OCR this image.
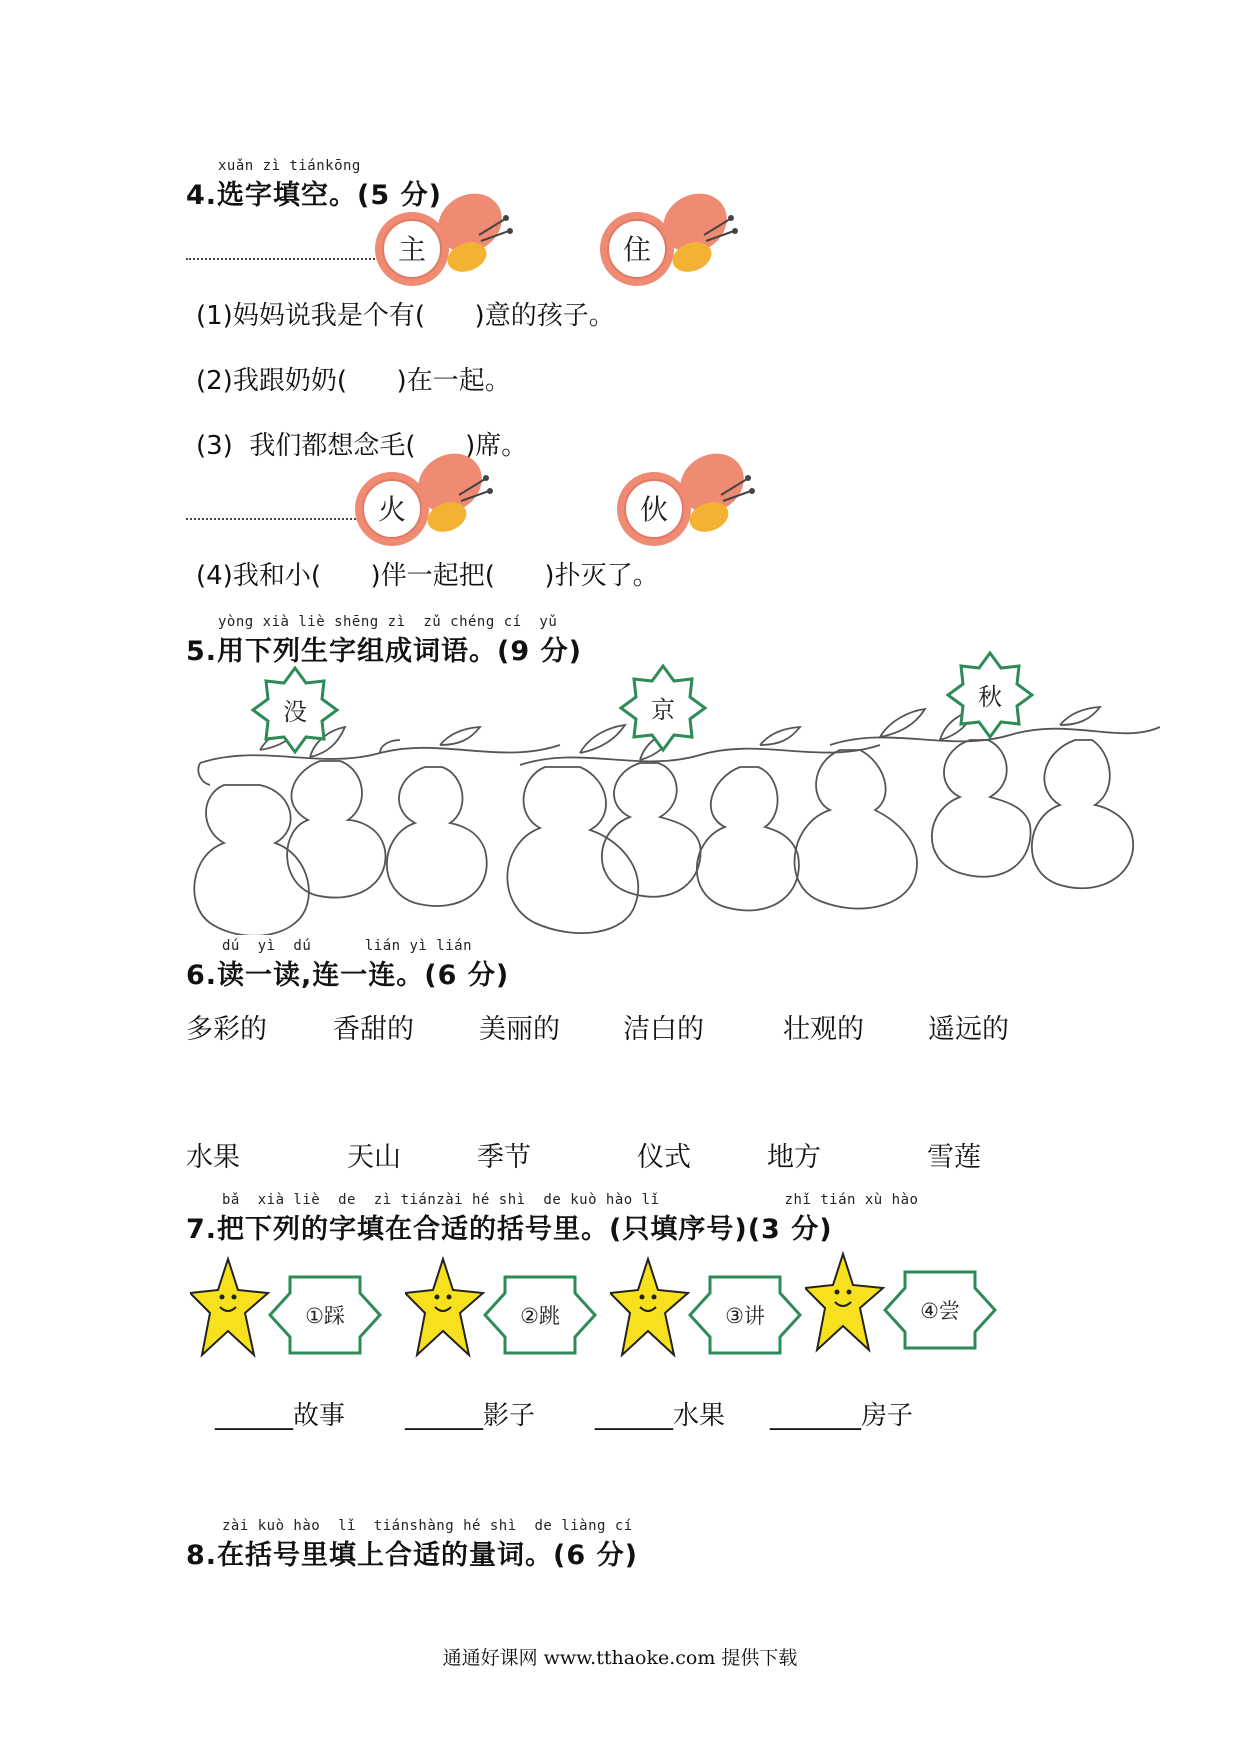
xuǎn zì tiánkōng
4.选字填空。(5 分)
主	住
(1)妈妈说我是个有(      )意的孩子。
(2)我跟奶奶(      )在一起。
(3)  我们都想念毛(      )席。
火	伙
(4)我和小(      )伴一起把(      )扑灭了。
yòng xià liè shēng zì  zǔ chéng cí  yǔ
5.用下列生字组成词语。(9 分)
没	京	秋
dú  yì  dú      lián yì lián
6.读一读,连一连。(6 分)
多彩的 香甜的 美丽的 洁白的	壮观的 遥远的
水果	天山	季节	仪式	地方	雪莲
bǎ  xià liè  de  zì tiánzài hé shì  de kuò hào lǐ              zhǐ tián xù hào
7.把下列的字填在合适的括号里。(只填序号)(3 分)
①踩	②跳	③讲	④尝
______故事 ______影子 ______水果 _______房子
zài kuò hào  lǐ  tiánshàng hé shì  de liàng cí
8.在括号里填上合适的量词。(6 分)
通通好课网 www.tthaoke.com 提供下载
